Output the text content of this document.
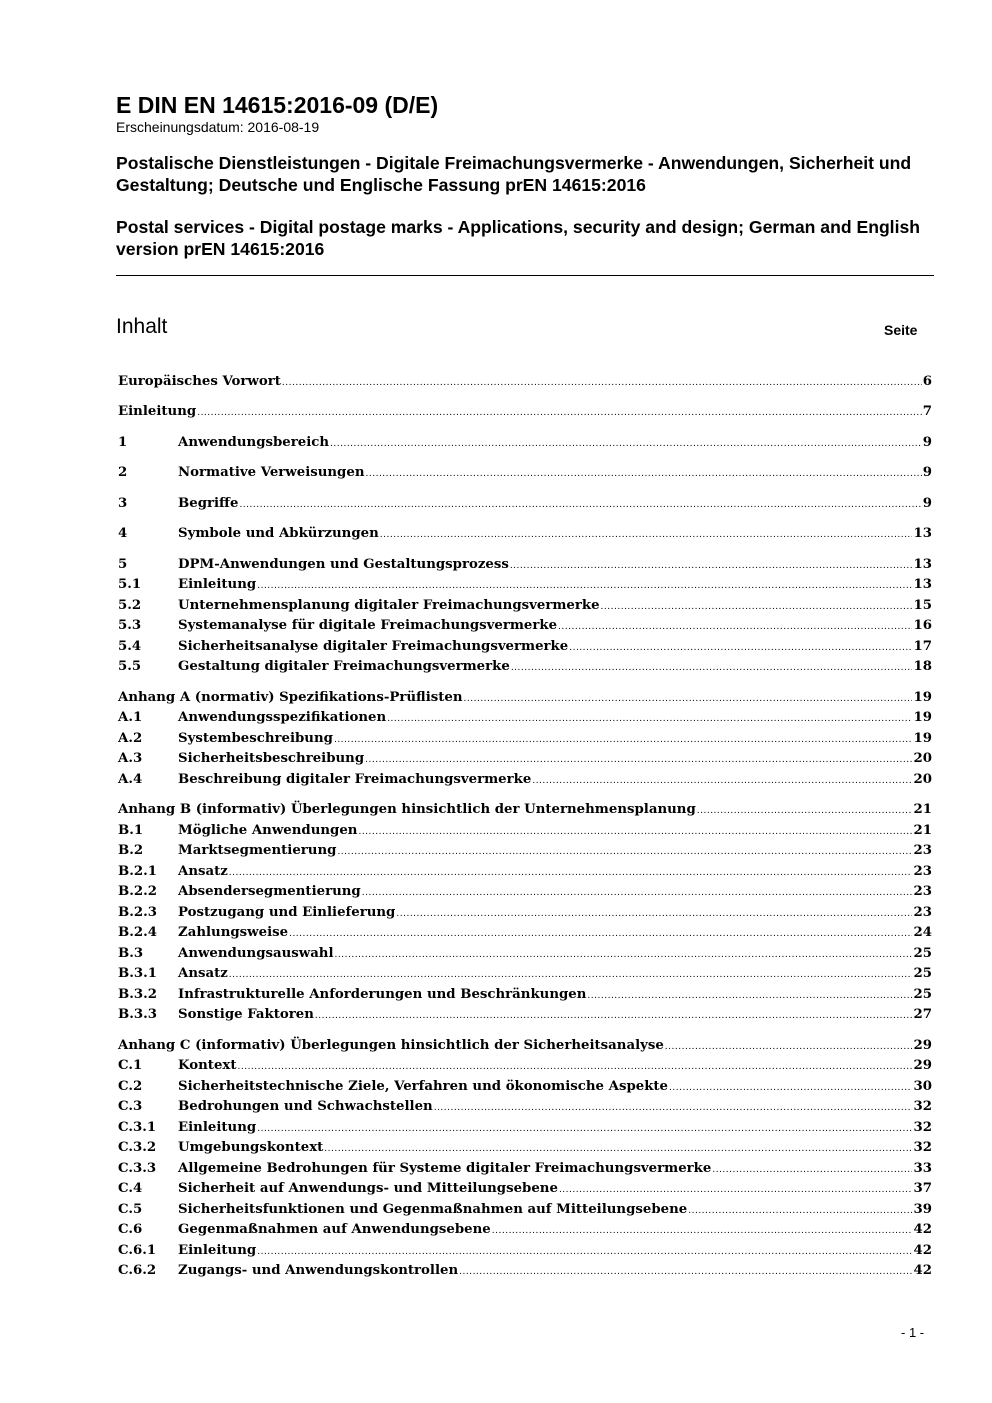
E DIN EN 14615:2016-09 (D/E)

Erscheinungsdatum: 2016-08-19

Postalische Dienstleistungen - Digitale Freimachungsvermerke - Anwendungen, Sicherheit und Gestaltung; Deutsche und Englische Fassung prEN 14615:2016

Postal services - Digital postage marks - Applications, security and design; German and English version prEN 14615:2016

Inhalt	Seite
Europäisches Vorwort .....	6
Einleitung .....	7
1	Anwendungsbereich .....	9
2	Normative Verweisungen .....	9
3	Begriffe .....	9
4	Symbole und Abkürzungen .....	13
5	DPM-Anwendungen und Gestaltungsprozess .....	13
5.1	Einleitung .....	13
5.2	Unternehmensplanung digitaler Freimachungsvermerke .....	15
5.3	Systemanalyse für digitale Freimachungsvermerke .....	16
5.4	Sicherheitsanalyse digitaler Freimachungsvermerke .....	17
5.5	Gestaltung digitaler Freimachungsvermerke .....	18
Anhang A (normativ) Spezifikations-Prüflisten .....	19
A.1	Anwendungsspezifikationen .....	19
A.2	Systembeschreibung .....	19
A.3	Sicherheitsbeschreibung .....	20
A.4	Beschreibung digitaler Freimachungsvermerke .....	20
Anhang B (informativ) Überlegungen hinsichtlich der Unternehmensplanung .....	21
B.1	Mögliche Anwendungen .....	21
B.2	Marktsegmentierung .....	23
B.2.1	Ansatz .....	23
B.2.2	Absendersegmentierung .....	23
B.2.3	Postzugang und Einlieferung .....	23
B.2.4	Zahlungsweise .....	24
B.3	Anwendungsauswahl .....	25
B.3.1	Ansatz .....	25
B.3.2	Infrastrukturelle Anforderungen und Beschränkungen .....	25
B.3.3	Sonstige Faktoren .....	27
Anhang C (informativ) Überlegungen hinsichtlich der Sicherheitsanalyse .....	29
C.1	Kontext .....	29
C.2	Sicherheitstechnische Ziele, Verfahren und ökonomische Aspekte .....	30
C.3	Bedrohungen und Schwachstellen .....	32
C.3.1	Einleitung .....	32
C.3.2	Umgebungskontext .....	32
C.3.3	Allgemeine Bedrohungen für Systeme digitaler Freimachungsvermerke .....	33
C.4	Sicherheit auf Anwendungs- und Mitteilungsebene .....	37
C.5	Sicherheitsfunktionen und Gegenmaßnahmen auf Mitteilungsebene .....	39
C.6	Gegenmaßnahmen auf Anwendungsebene .....	42
C.6.1	Einleitung .....	42
C.6.2	Zugangs- und Anwendungskontrollen .....	42
- 1 -
